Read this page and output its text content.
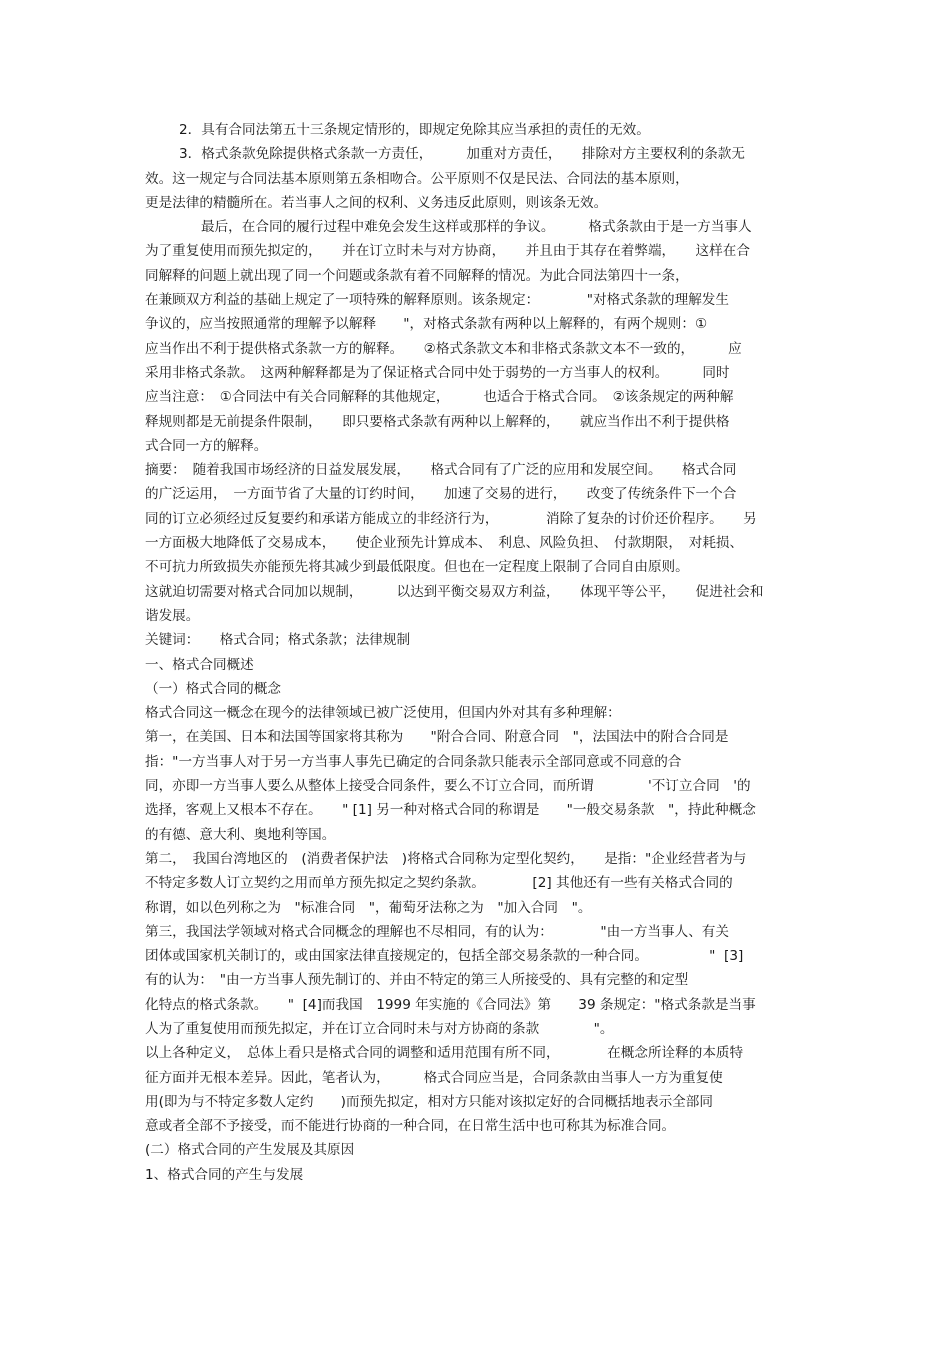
2．具有合同法第五十三条规定情形的，即规定免除其应当承担的责任的无效。
3．格式条款免除提供格式条款一方责任，　　　加重对方责任，　　排除对方主要权利的条款无
效。这一规定与合同法基本原则第五条相吻合。公平原则不仅是民法、合同法的基本原则，
更是法律的精髓所在。若当事人之间的权利、义务违反此原则，则该条无效。
最后，在合同的履行过程中难免会发生这样或那样的争议。　　　格式条款由于是一方当事人
为了重复使用而预先拟定的，　　并在订立时未与对方协商，　　并且由于其存在着弊端，　　这样在合
同解释的问题上就出现了同一个问题或条款有着不同解释的情况。为此合同法第四十一条，
在兼顾双方利益的基础上规定了一项特殊的解释原则。该条规定：　　　　"对格式条款的理解发生
争议的，应当按照通常的理解予以解释　　"，对格式条款有两种以上解释的，有两个规则：①
应当作出不利于提供格式条款一方的解释。　　②格式条款文本和非格式条款文本不一致的，　　　应
采用非格式条款。　这两种解释都是为了保证格式合同中处于弱势的一方当事人的权利。　　　同时
应当注意：　①合同法中有关合同解释的其他规定，　　　也适合于格式合同。　②该条规定的两种解
释规则都是无前提条件限制，　　即只要格式条款有两种以上解释的，　　就应当作出不利于提供格
式合同一方的解释。
摘要：　随着我国市场经济的日益发展发展，　　格式合同有了广泛的应用和发展空间。　　格式合同
的广泛运用，　一方面节省了大量的订约时间，　　加速了交易的进行，　　改变了传统条件下一个合
同的订立必须经过反复要约和承诺方能成立的非经济行为，　　　　消除了复杂的讨价还价程序。　　另
一方面极大地降低了交易成本，　　使企业预先计算成本、　利息、风险负担、　付款期限，　对耗损、
不可抗力所致损失亦能预先将其减少到最低限度。但也在一定程度上限制了合同自由原则。
这就迫切需要对格式合同加以规制，　　　以达到平衡交易双方利益，　　体现平等公平，　　促进社会和
谐发展。
关键词：　　格式合同；格式条款；法律规制
一、格式合同概述
（一）格式合同的概念
格式合同这一概念在现今的法律领域已被广泛使用，但国内外对其有多种理解：
第一，在美国、日本和法国等国家将其称为　　"附合合同、附意合同　"，法国法中的附合合同是
指："一方当事人对于另一方当事人事先已确定的合同条款只能表示全部同意或不同意的合
同，亦即一方当事人要么从整体上接受合同条件，要么不订立合同，而所谓　　　　'不订立合同　'的
选择，客观上又根本不存在。　　" [1] 另一种对格式合同的称谓是　　"一般交易条款　"，持此种概念
的有德、意大利、奥地利等国。
第二，　我国台湾地区的　(消费者保护法　)将格式合同称为定型化契约，　　是指："企业经营者为与
不特定多数人订立契约之用而单方预先拟定之契约条款。　　　　[2] 其他还有一些有关格式合同的
称谓，如以色列称之为　"标准合同　"，葡萄牙法称之为　"加入合同　"。
第三，我国法学领域对格式合同概念的理解也不尽相同，有的认为：　　　　"由一方当事人、有关
团体或国家机关制订的，或由国家法律直接规定的，包括全部交易条款的一种合同。　　　　　"  [3]
有的认为：　"由一方当事人预先制订的、并由不特定的第三人所接受的、具有完整的和定型
化特点的格式条款。　　"  [4]而我国　1999 年实施的《合同法》第　　39 条规定："格式条款是当事
人为了重复使用而预先拟定，并在订立合同时未与对方协商的条款　　　　"。
以上各种定义，　总体上看只是格式合同的调整和适用范围有所不同，　　　　在概念所诠释的本质特
征方面并无根本差异。因此，笔者认为，　　　格式合同应当是，合同条款由当事人一方为重复使
用(即为与不特定多数人定约　　)而预先拟定，相对方只能对该拟定好的合同概括地表示全部同
意或者全部不予接受，而不能进行协商的一种合同，在日常生活中也可称其为标准合同。
(二）格式合同的产生发展及其原因
1、格式合同的产生与发展
